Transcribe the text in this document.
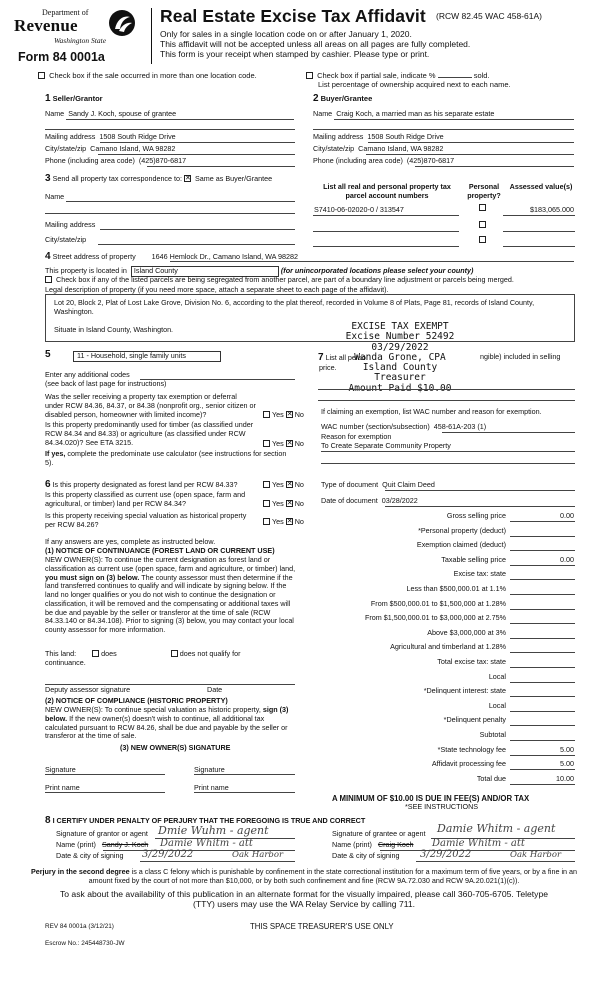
Department of
Revenue
Washington State
Form 84 0001a
Real Estate Excise Tax Affidavit (RCW 82.45 WAC 458-61A)
Only for sales in a single location code on or after January 1, 2020.
This affidavit will not be accepted unless all areas on all pages are fully completed.
This form is your receipt when stamped by cashier. Please type or print.
Check box if the sale occurred in more than one location code.	Check box if partial sale, indicate %	sold.
List percentage of ownership acquired next to each name.
1 Seller/Grantor
Name Sandy J. Koch, spouse of grantee
Mailing address 1508 South Ridge Drive
City/state/zip Camano Island, WA 98282
Phone (including area code) (425)870-6817
2 Buyer/Grantee
Name Craig Koch, a married man as his separate estate
Mailing address 1508 South Ridge Drive
City/state/zip Camano Island, WA 98282
Phone (including area code) (425)870-6817
3 Send all property tax correspondence to: ✕ Same as Buyer/Grantee
Name
Mailing address
City/state/zip
List all real and personal property tax parcel account numbers
Personal property?
Assessed value(s)
S7410-06-02020-0 / 313547	$183,065.000
4 Street address of property 1646 Hemlock Dr., Camano Island, WA 98282
This property is located in Island County	(for unincorporated locations please select your county)
Check box if any of the listed parcels are being segregated from another parcel, are part of a boundary line adjustment or parcels being merged.
Legal description of property (if you need more space, attach a separate sheet to each page of the affidavit).
Lot 20, Block 2, Plat of Lost Lake Grove, Division No. 6, according to the plat thereof, recorded in Volume 8 of Plats, Page 81, records of Island County, Washington.
Situate in Island County, Washington.	EXCISE TAX EXEMPT
Excise Number 52492
03/29/2022
Wanda Grone, CPA
Island County Treasurer
Amount Paid $10.00
5	11 - Household, single family units
Enter any additional codes
(see back of last page for instructions)
Was the seller receiving a property tax exemption or deferral under RCW 84.36, 84.37, or 84.38 (nonprofit org., senior citizen or disabled person, homeowner with limited income)?	Yes ✕ No
Is this property predominantly used for timber (as classified under RCW 84.34 and 84.33) or agriculture (as classified under RCW 84.34.020)? See ETA 3215.	Yes ✕ No
If yes, complete the predominate use calculator (see instructions for section 5).
7 List all perso	ngible) included in selling
price.
If claiming an exemption, list WAC number and reason for exemption.
WAC number (section/subsection) 458-61A-203 (1)
Reason for exemption
To Create Separate Community Property
6 Is this property designated as forest land per RCW 84.33?	Yes ✕ No
Is this property classified as current use (open space, farm and agricultural, or timber) land per RCW 84.34?	Yes ✕ No
Is this property receiving special valuation as historical property per RCW 84.26?	Yes ✕ No
If any answers are yes, complete as instructed below.
(1) NOTICE OF CONTINUANCE (FOREST LAND OR CURRENT USE)
NEW OWNER(S): To continue the current designation as forest land or classification as current use (open space, farm and agriculture, or timber) land, you must sign on (3) below. The county assessor must then determine if the land transferred continues to qualify and will indicate by signing below. If the land no longer qualifies or you do not wish to continue the designation or classification, it will be removed and the compensating or additional taxes will be due and payable by the seller or transferor at the time of sale (RCW 84.33.140 or 84.34.108). Prior to signing (3) below, you may contact your local county assessor for more information.
This land:	does	does not qualify for
continuance.
Deputy assessor signature	Date
(2) NOTICE OF COMPLIANCE (HISTORIC PROPERTY)
NEW OWNER(S): To continue special valuation as historic property, sign (3) below. If the new owner(s) doesn't wish to continue, all additional tax calculated pursuant to RCW 84.26, shall be due and payable by the seller or transferor at the time of sale.
(3) NEW OWNER(S) SIGNATURE
Signature	Signature
Print name	Print name
Type of document Quit Claim Deed
Date of document 03/28/2022
Gross selling price	0.00
*Personal property (deduct)
Exemption claimed (deduct)
Taxable selling price	0.00
Excise tax: state
Less than $500,000.01 at 1.1%
From $500,000.01 to $1,500,000 at 1.28%
From $1,500,000.01 to $3,000,000 at 2.75%
Above $3,000,000 at 3%
Agricultural and timberland at 1.28%
Total excise tax: state
Local
*Delinquent interest: state
Local
*Delinquent penalty
Subtotal
*State technology fee	5.00
Affidavit processing fee	5.00
Total due	10.00
A MINIMUM OF $10.00 IS DUE IN FEE(S) AND/OR TAX
*SEE INSTRUCTIONS
8 I CERTIFY UNDER PENALTY OF PERJURY THAT THE FOREGOING IS TRUE AND CORRECT
Signature of grantor or agent Dmie Wuhm - agent
Name (print) Sandy J. Koch Damie Whitm - att
Date & city of signing 3/29/2022	Oak Harbor
Signature of grantee or agent Damie Whitm - agent
Name (print) Craig Koch Damie Whitm - att
Date & city of signing 3/29/2022	Oak Harbor
Perjury in the second degree is a class C felony which is punishable by confinement in the state correctional institution for a maximum term of five years, or by a fine in an amount fixed by the court of not more than $10,000, or by both such confinement and fine (RCW 9A.72.030 and RCW 9A.20.021(1)(c)).
To ask about the availability of this publication in an alternate format for the visually impaired, please call 360-705-6705. Teletype (TTY) users may use the WA Relay Service by calling 711.
REV 84 0001a (3/12/21)	THIS SPACE TREASURER'S USE ONLY
Escrow No.: 245448730-JW
